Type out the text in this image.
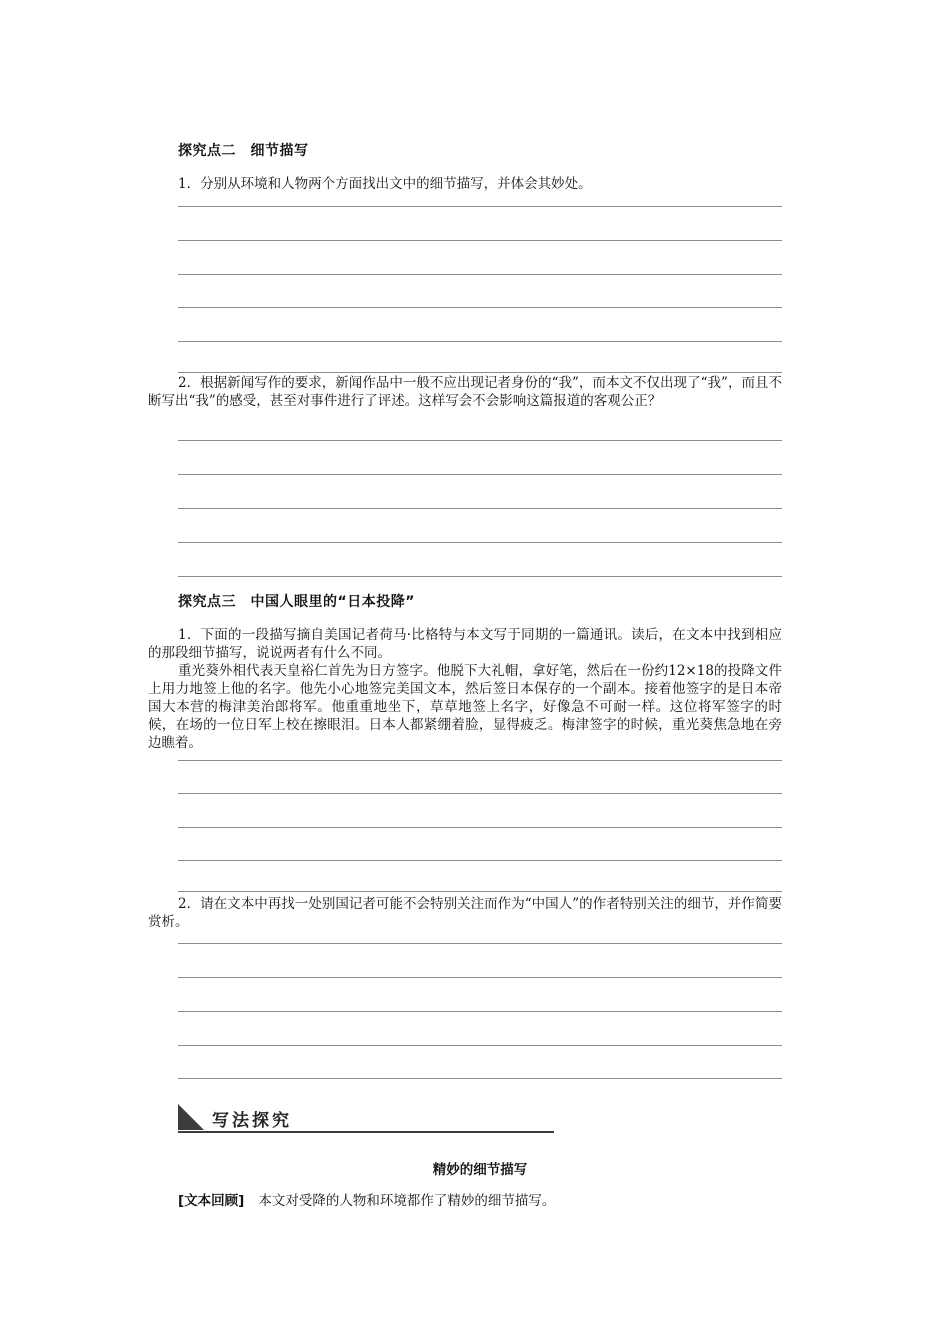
探究点二　细节描写
1．分别从环境和人物两个方面找出文中的细节描写，并体会其妙处。
2．根据新闻写作的要求，新闻作品中一般不应出现记者身份的“我”，而本文不仅出现了“我”，而且不断写出“我”的感受，甚至对事件进行了评述。这样写会不会影响这篇报道的客观公正？
探究点三　中国人眼里的“日本投降”
1．下面的一段描写摘自美国记者荷马·比格特与本文写于同期的一篇通讯。读后，在文本中找到相应的那段细节描写，说说两者有什么不同。
重光葵外相代表天皇裕仁首先为日方签字。他脱下大礼帽，拿好笔，然后在一份约12×18的投降文件上用力地签上他的名字。他先小心地签完美国文本，然后签日本保存的一个副本。接着他签字的是日本帝国大本营的梅津美治郎将军。他重重地坐下，草草地签上名字，好像急不可耐一样。这位将军签字的时候，在场的一位日军上校在擦眼泪。日本人都紧绷着脸，显得疲乏。梅津签字的时候，重光葵焦急地在旁边瞧着。
2．请在文本中再找一处别国记者可能不会特别关注而作为“中国人”的作者特别关注的细节，并作简要赏析。
写法探究
精妙的细节描写
[文本回顾] 本文对受降的人物和环境都作了精妙的细节描写。
